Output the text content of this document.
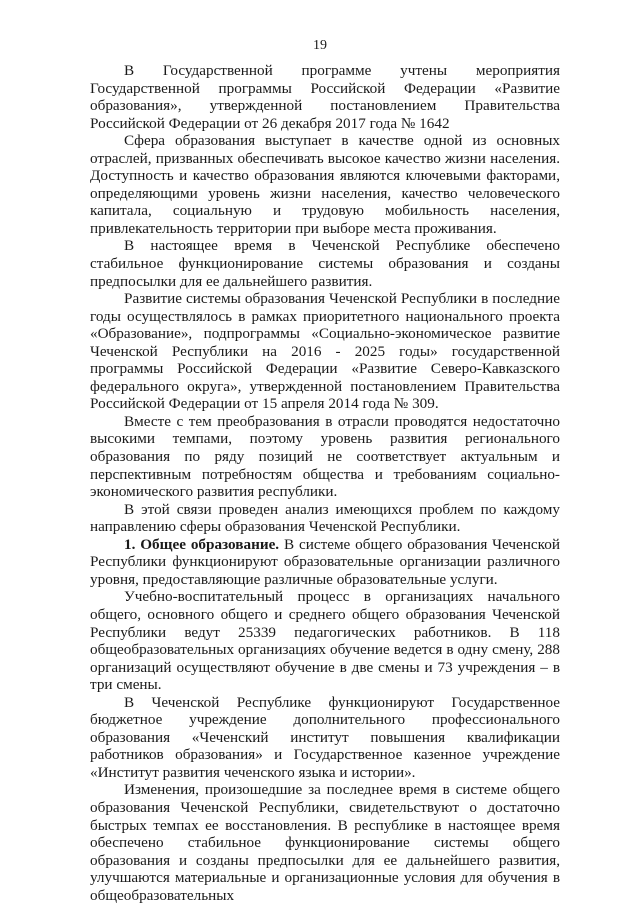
19

В Государственной программе учтены мероприятия Государственной программы Российской Федерации «Развитие образования», утвержденной постановлением Правительства Российской Федерации от 26 декабря 2017 года № 1642

Сфера образования выступает в качестве одной из основных отраслей, призванных обеспечивать высокое качество жизни населения. Доступность и качество образования являются ключевыми факторами, определяющими уровень жизни населения, качество человеческого капитала, социальную и трудовую мобильность населения, привлекательность территории при выборе места проживания.

В настоящее время в Чеченской Республике обеспечено стабильное функционирование системы образования и созданы предпосылки для ее дальнейшего развития.

Развитие системы образования Чеченской Республики в последние годы осуществлялось в рамках приоритетного национального проекта «Образование», подпрограммы «Социально-экономическое развитие Чеченской Республики на 2016 - 2025 годы» государственной программы Российской Федерации «Развитие Северо-Кавказского федерального округа», утвержденной постановлением Правительства Российской Федерации от 15 апреля 2014 года № 309.

Вместе с тем преобразования в отрасли проводятся недостаточно высокими темпами, поэтому уровень развития регионального образования по ряду позиций не соответствует актуальным и перспективным потребностям общества и требованиям социально-экономического развития республики.

В этой связи проведен анализ имеющихся проблем по каждому направлению сферы образования Чеченской Республики.

1. Общее образование. В системе общего образования Чеченской Республики функционируют образовательные организации различного уровня, предоставляющие различные образовательные услуги.

Учебно-воспитательный процесс в организациях начального общего, основного общего и среднего общего образования Чеченской Республики ведут 25339 педагогических работников. В 118 общеобразовательных организациях обучение ведется в одну смену, 288 организаций осуществляют обучение в две смены и 73 учреждения – в три смены.

В Чеченской Республике функционируют Государственное бюджетное учреждение дополнительного профессионального образования «Чеченский институт повышения квалификации работников образования» и Государственное казенное учреждение «Институт развития чеченского языка и истории».

Изменения, произошедшие за последнее время в системе общего образования Чеченской Республики, свидетельствуют о достаточно быстрых темпах ее восстановления. В республике в настоящее время обеспечено стабильное функционирование системы общего образования и созданы предпосылки для ее дальнейшего развития, улучшаются материальные и организационные условия для обучения в общеобразовательных
